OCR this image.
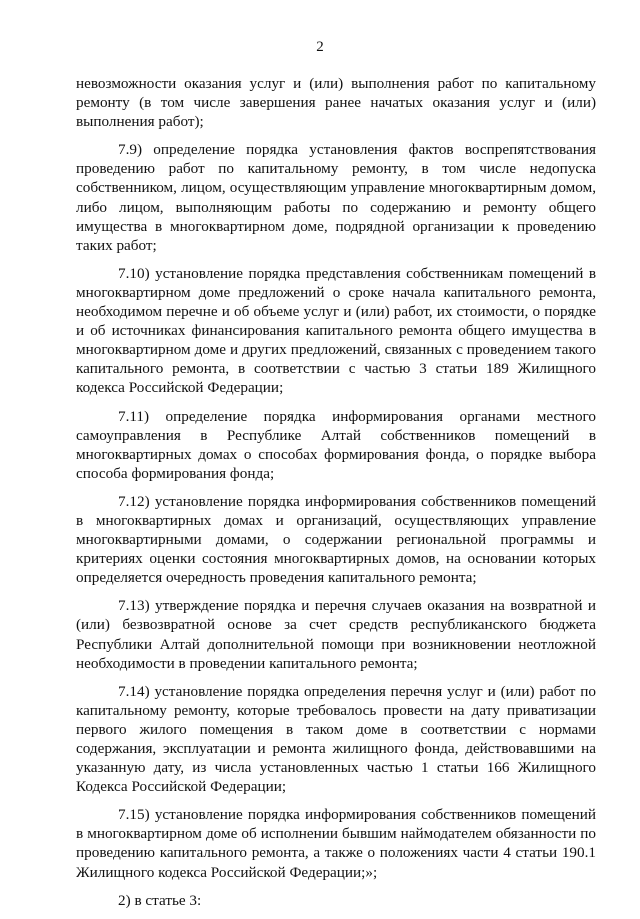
2

невозможности оказания услуг и (или) выполнения работ по капитальному ремонту (в том числе завершения ранее начатых оказания услуг и (или) выполнения работ);

7.9) определение порядка установления фактов воспрепятствования проведению работ по капитальному ремонту, в том числе недопуска собственником, лицом, осуществляющим управление многоквартирным домом, либо лицом, выполняющим работы по содержанию и ремонту общего имущества в многоквартирном доме, подрядной организации к проведению таких работ;

7.10) установление порядка представления собственникам помещений в многоквартирном доме предложений о сроке начала капитального ремонта, необходимом перечне и об объеме услуг и (или) работ, их стоимости, о порядке и об источниках финансирования капитального ремонта общего имущества в многоквартирном доме и других предложений, связанных с проведением такого капитального ремонта, в соответствии с частью 3 статьи 189 Жилищного кодекса Российской Федерации;

7.11) определение порядка информирования органами местного самоуправления в Республике Алтай собственников помещений в многоквартирных домах о способах формирования фонда, о порядке выбора способа формирования фонда;

7.12) установление порядка информирования собственников помещений в многоквартирных домах и организаций, осуществляющих управление многоквартирными домами, о содержании региональной программы и критериях оценки состояния многоквартирных домов, на основании которых определяется очередность проведения капитального ремонта;

7.13) утверждение порядка и перечня случаев оказания на возвратной и (или) безвозвратной основе за счет средств республиканского бюджета Республики Алтай дополнительной помощи при возникновении неотложной необходимости в проведении капитального ремонта;

7.14) установление порядка определения перечня услуг и (или) работ по капитальному ремонту, которые требовалось провести на дату приватизации первого жилого помещения в таком доме в соответствии с нормами содержания, эксплуатации и ремонта жилищного фонда, действовавшими на указанную дату, из числа установленных частью 1 статьи 166 Жилищного Кодекса Российской Федерации;

7.15) установление порядка информирования собственников помещений в многоквартирном доме об исполнении бывшим наймодателем обязанности по проведению капитального ремонта, а также о положениях части 4 статьи 190.1 Жилищного кодекса Российской Федерации;»;

2) в статье 3:
